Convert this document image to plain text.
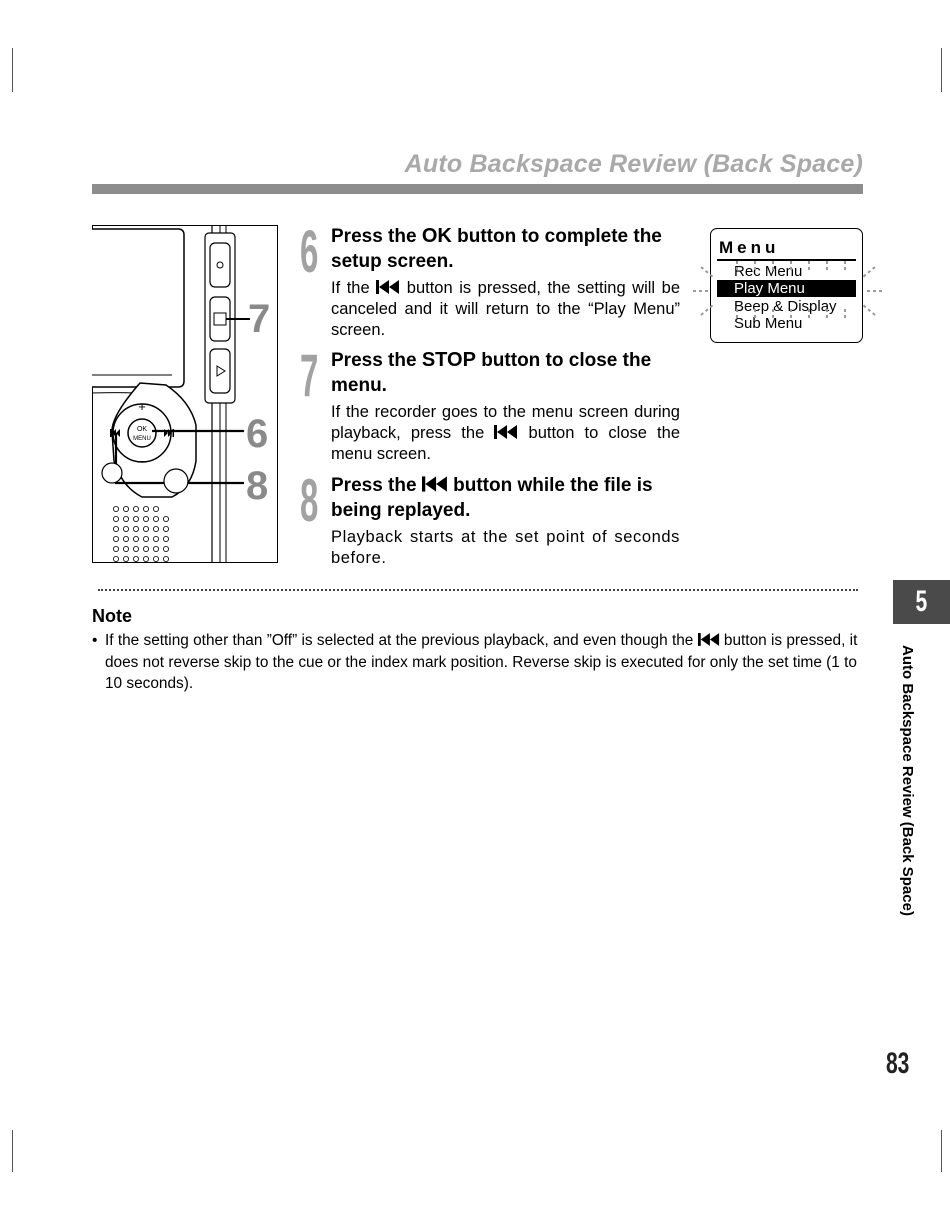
Auto Backspace Review (Back Space)
7
OK
MENU
+
–
6
8
6 Press the OK button to complete the setup screen.
If the  button is pressed, the setting will be canceled and it will return to the “Play Menu” screen.
7 Press the STOP button to close the menu.
If the recorder goes to the menu screen during playback, press the  button to close the menu screen.
8 Press the  button while the file is being replayed.
Playback starts at the set point of seconds before.
Menu
Rec Menu
Play Menu
Beep & Display
Sub Menu
Note
• If the setting other than ”Off” is selected at the previous playback, and even though the  button is pressed, it does not reverse skip to the cue or the index mark position. Reverse skip is executed for only the set time (1 to 10 seconds).
5
Auto Backspace Review (Back Space)
83
